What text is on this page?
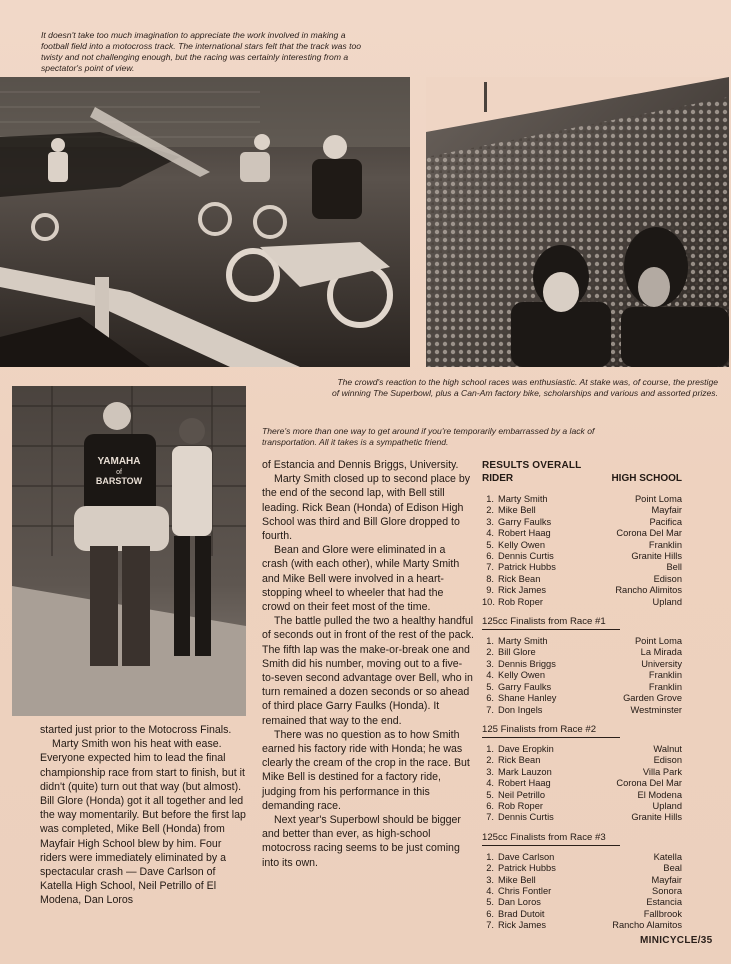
It doesn't take too much imagination to appreciate the work involved in making a football field into a motocross track. The international stars felt that the track was too twisty and not challenging enough, but the racing was certainly interesting from a spectator's point of view.
The crowd's reaction to the high school races was enthusiastic. At stake was, of course, the prestige of winning The Superbowl, plus a Can-Am factory bike, scholarships and various and assorted prizes.
YAMAHA
of
BARSTOW
There's more than one way to get around if you're temporarily embarrassed by a lack of transportation. All it takes is a sympathetic friend.

started just prior to the Motocross Finals.

Marty Smith won his heat with ease. Everyone expected him to lead the final championship race from start to finish, but it didn't (quite) turn out that way (but almost). Bill Glore (Honda) got it all together and led the way momentarily. But before the first lap was completed, Mike Bell (Honda) from Mayfair High School blew by him. Four riders were immediately eliminated by a spectacular crash — Dave Carlson of Katella High School, Neil Petrillo of El Modena, Dan Loros

of Estancia and Dennis Briggs, University.

Marty Smith closed up to second place by the end of the second lap, with Bell still leading. Rick Bean (Honda) of Edison High School was third and Bill Glore dropped to fourth.

Bean and Glore were eliminated in a crash (with each other), while Marty Smith and Mike Bell were involved in a heart-stopping wheel to wheeler that had the crowd on their feet most of the time.

The battle pulled the two a healthy handful of seconds out in front of the rest of the pack. The fifth lap was the make-or-break one and Smith did his number, moving out to a five-to-seven second advantage over Bell, who in turn remained a dozen seconds or so ahead of third place Garry Faulks (Honda). It remained that way to the end.

There was no question as to how Smith earned his factory ride with Honda; he was clearly the cream of the crop in the race. But Mike Bell is destined for a factory ride, judging from his performance in this demanding race.

Next year's Superbowl should be bigger and better than ever, as high-school motocross racing seems to be just coming into its own.

RESULTS OVERALL
RIDER	HIGH SCHOOL
1. Marty Smith	Point Loma
2. Mike Bell	Mayfair
3. Garry Faulks	Pacifica
4. Robert Haag	Corona Del Mar
5. Kelly Owen	Franklin
6. Dennis Curtis	Granite Hills
7. Patrick Hubbs	Bell
8. Rick Bean	Edison
9. Rick James	Rancho Alimitos
10. Rob Roper	Upland
125cc Finalists from Race #1
1. Marty Smith	Point Loma
2. Bill Glore	La Mirada
3. Dennis Briggs	University
4. Kelly Owen	Franklin
5. Garry Faulks	Franklin
6. Shane Hanley	Garden Grove
7. Don Ingels	Westminster
125 Finalists from Race #2
1. Dave Eropkin	Walnut
2. Rick Bean	Edison
3. Mark Lauzon	Villa Park
4. Robert Haag	Corona Del Mar
5. Neil Petrillo	El Modena
6. Rob Roper	Upland
7. Dennis Curtis	Granite Hills
125cc Finalists from Race #3
1. Dave Carlson	Katella
2. Patrick Hubbs	Beal
3. Mike Bell	Mayfair
4. Chris Fontler	Sonora
5. Dan Loros	Estancia
6. Brad Dutoit	Fallbrook
7. Rick James	Rancho Alamitos
MINICYCLE/35
